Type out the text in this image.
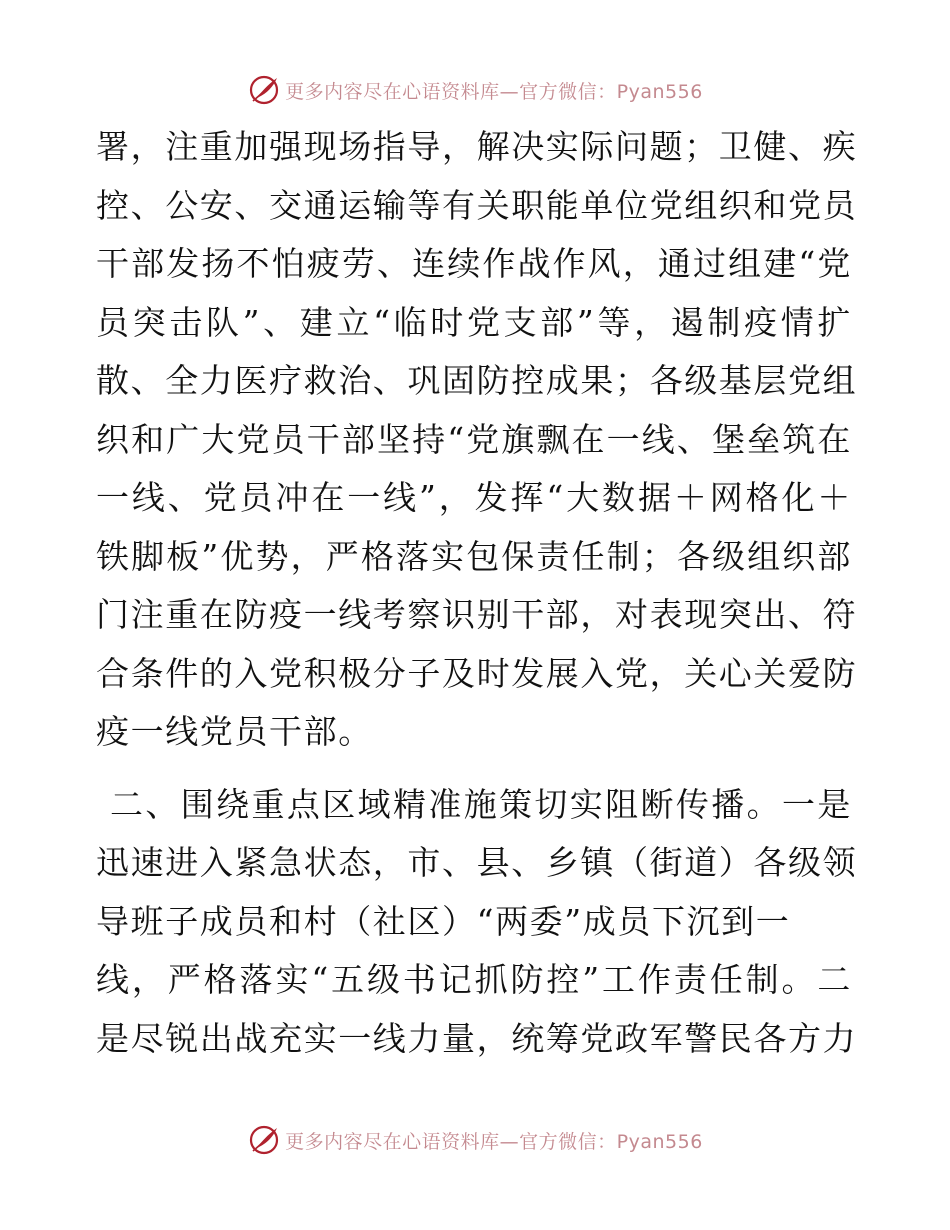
更多内容尽在心语资料库—官方微信：Pyan556
署，注重加强现场指导，解决实际问题；卫健、疾
控、公安、交通运输等有关职能单位党组织和党员
干部发扬不怕疲劳、连续作战作风，通过组建“党
员突击队”、建立“临时党支部”等，遏制疫情扩
散、全力医疗救治、巩固防控成果；各级基层党组
织和广大党员干部坚持“党旗飘在一线、堡垒筑在
一线、党员冲在一线”，发挥“大数据＋网格化＋
铁脚板”优势，严格落实包保责任制；各级组织部
门注重在防疫一线考察识别干部，对表现突出、符
合条件的入党积极分子及时发展入党，关心关爱防
疫一线党员干部。
二、围绕重点区域精准施策切实阻断传播。一是
迅速进入紧急状态，市、县、乡镇（街道）各级领
导班子成员和村（社区）“两委”成员下沉到一
线，严格落实“五级书记抓防控”工作责任制。二
是尽锐出战充实一线力量，统筹党政军警民各方力
更多内容尽在心语资料库—官方微信：Pyan556
